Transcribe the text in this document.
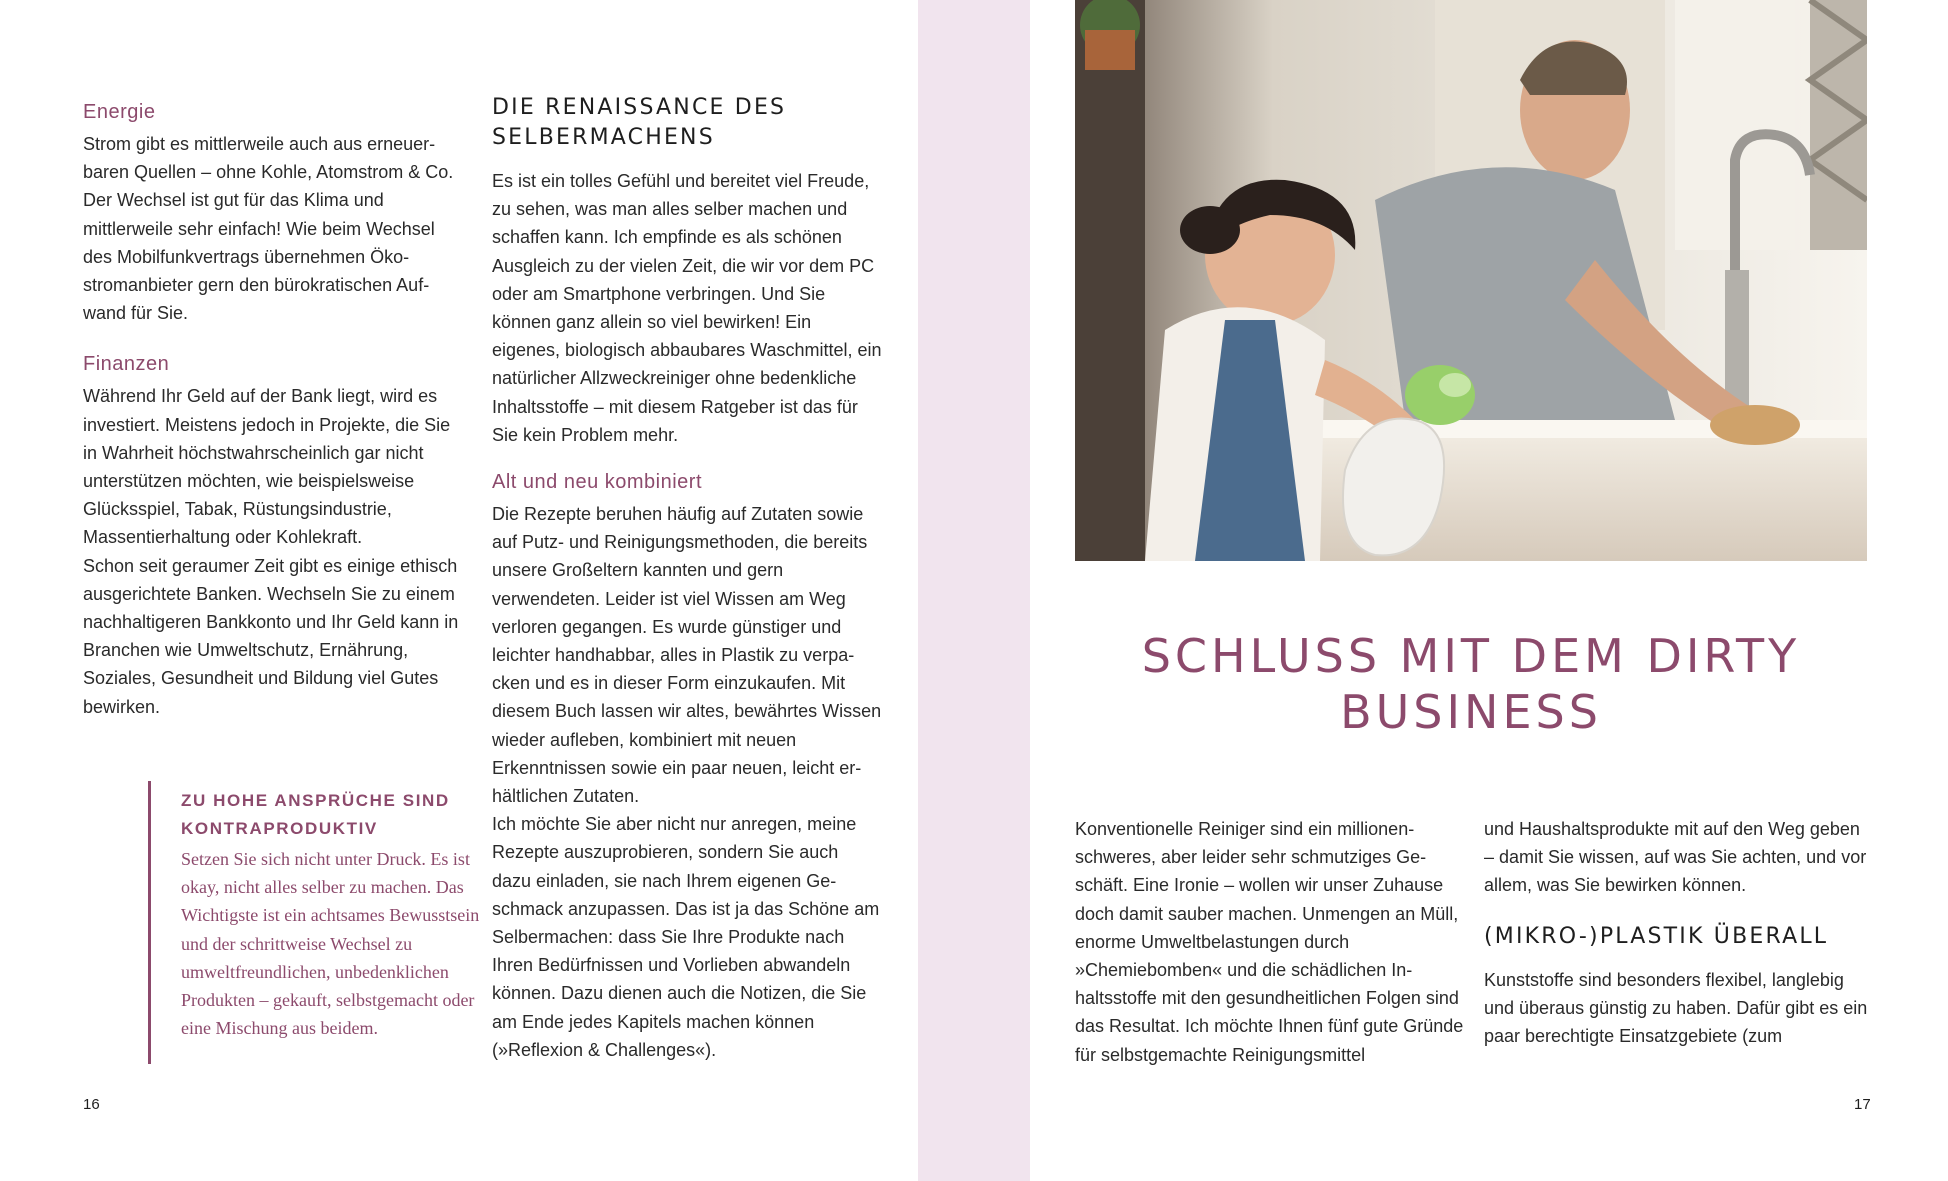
Energie

Strom gibt es mittlerweile auch aus erneuerbaren Quellen – ohne Kohle, Atomstrom & Co. Der Wechsel ist gut für das Klima und mittlerweile sehr einfach! Wie beim Wechsel des Mobilfunkvertrags übernehmen Ökostromanbieter gern den bürokratischen Aufwand für Sie.

Finanzen

Während Ihr Geld auf der Bank liegt, wird es investiert. Meistens jedoch in Projekte, die Sie in Wahrheit höchstwahrscheinlich gar nicht unterstützen möchten, wie beispielsweise Glücksspiel, Tabak, Rüstungsindustrie, Massentierhaltung oder Kohlekraft.

Schon seit geraumer Zeit gibt es einige ethisch ausgerichtete Banken. Wechseln Sie zu einem nachhaltigeren Bankkonto und Ihr Geld kann in Branchen wie Umweltschutz, Ernährung, Soziales, Gesundheit und Bildung viel Gutes bewirken.

ZU HOHE ANSPRÜCHE SIND KONTRAPRODUKTIV

Setzen Sie sich nicht unter Druck. Es ist okay, nicht alles selber zu machen. Das Wichtigste ist ein achtsames Bewusstsein und der schrittweise Wechsel zu umweltfreundlichen, unbedenklichen Produkten – gekauft, selbstgemacht oder eine Mischung aus beidem.

DIE RENAISSANCE DES SELBERMACHENS

Es ist ein tolles Gefühl und bereitet viel Freude, zu sehen, was man alles selber machen und schaffen kann. Ich empfinde es als schönen Ausgleich zu der vielen Zeit, die wir vor dem PC oder am Smartphone verbringen. Und Sie können ganz allein so viel bewirken! Ein eigenes, biologisch abbaubares Waschmittel, ein natürlicher Allzweckreiniger ohne bedenkliche Inhaltsstoffe – mit diesem Ratgeber ist das für Sie kein Problem mehr.

Alt und neu kombiniert

Die Rezepte beruhen häufig auf Zutaten sowie auf Putz- und Reinigungsmethoden, die bereits unsere Großeltern kannten und gern verwendeten. Leider ist viel Wissen am Weg verloren gegangen. Es wurde günstiger und leichter handhabbar, alles in Plastik zu verpacken und es in dieser Form einzukaufen. Mit diesem Buch lassen wir altes, bewährtes Wissen wieder aufleben, kombiniert mit neuen Erkenntnissen sowie ein paar neuen, leicht erhältlichen Zutaten.

Ich möchte Sie aber nicht nur anregen, meine Rezepte auszuprobieren, sondern Sie auch dazu einladen, sie nach Ihrem eigenen Geschmack anzupassen. Das ist ja das Schöne am Selbermachen: dass Sie Ihre Produkte nach Ihren Bedürfnissen und Vorlieben abwandeln können. Dazu dienen auch die Notizen, die Sie am Ende jedes Kapitels machen können (»Reflexion & Challenges«).

16
SCHLUSS MIT DEM DIRTY BUSINESS

Konventionelle Reiniger sind ein millionenschweres, aber leider sehr schmutziges Geschäft. Eine Ironie – wollen wir unser Zuhause doch damit sauber machen. Unmengen an Müll, enorme Umweltbelastungen durch »Chemiebomben« und die schädlichen Inhaltsstoffe mit den gesundheitlichen Folgen sind das Resultat. Ich möchte Ihnen fünf gute Gründe für selbstgemachte Reinigungsmittel

und Haushaltsprodukte mit auf den Weg geben – damit Sie wissen, auf was Sie achten, und vor allem, was Sie bewirken können.

(MIKRO-)PLASTIK ÜBERALL

Kunststoffe sind besonders flexibel, langlebig und überaus günstig zu haben. Dafür gibt es ein paar berechtigte Einsatzgebiete (zum

17
